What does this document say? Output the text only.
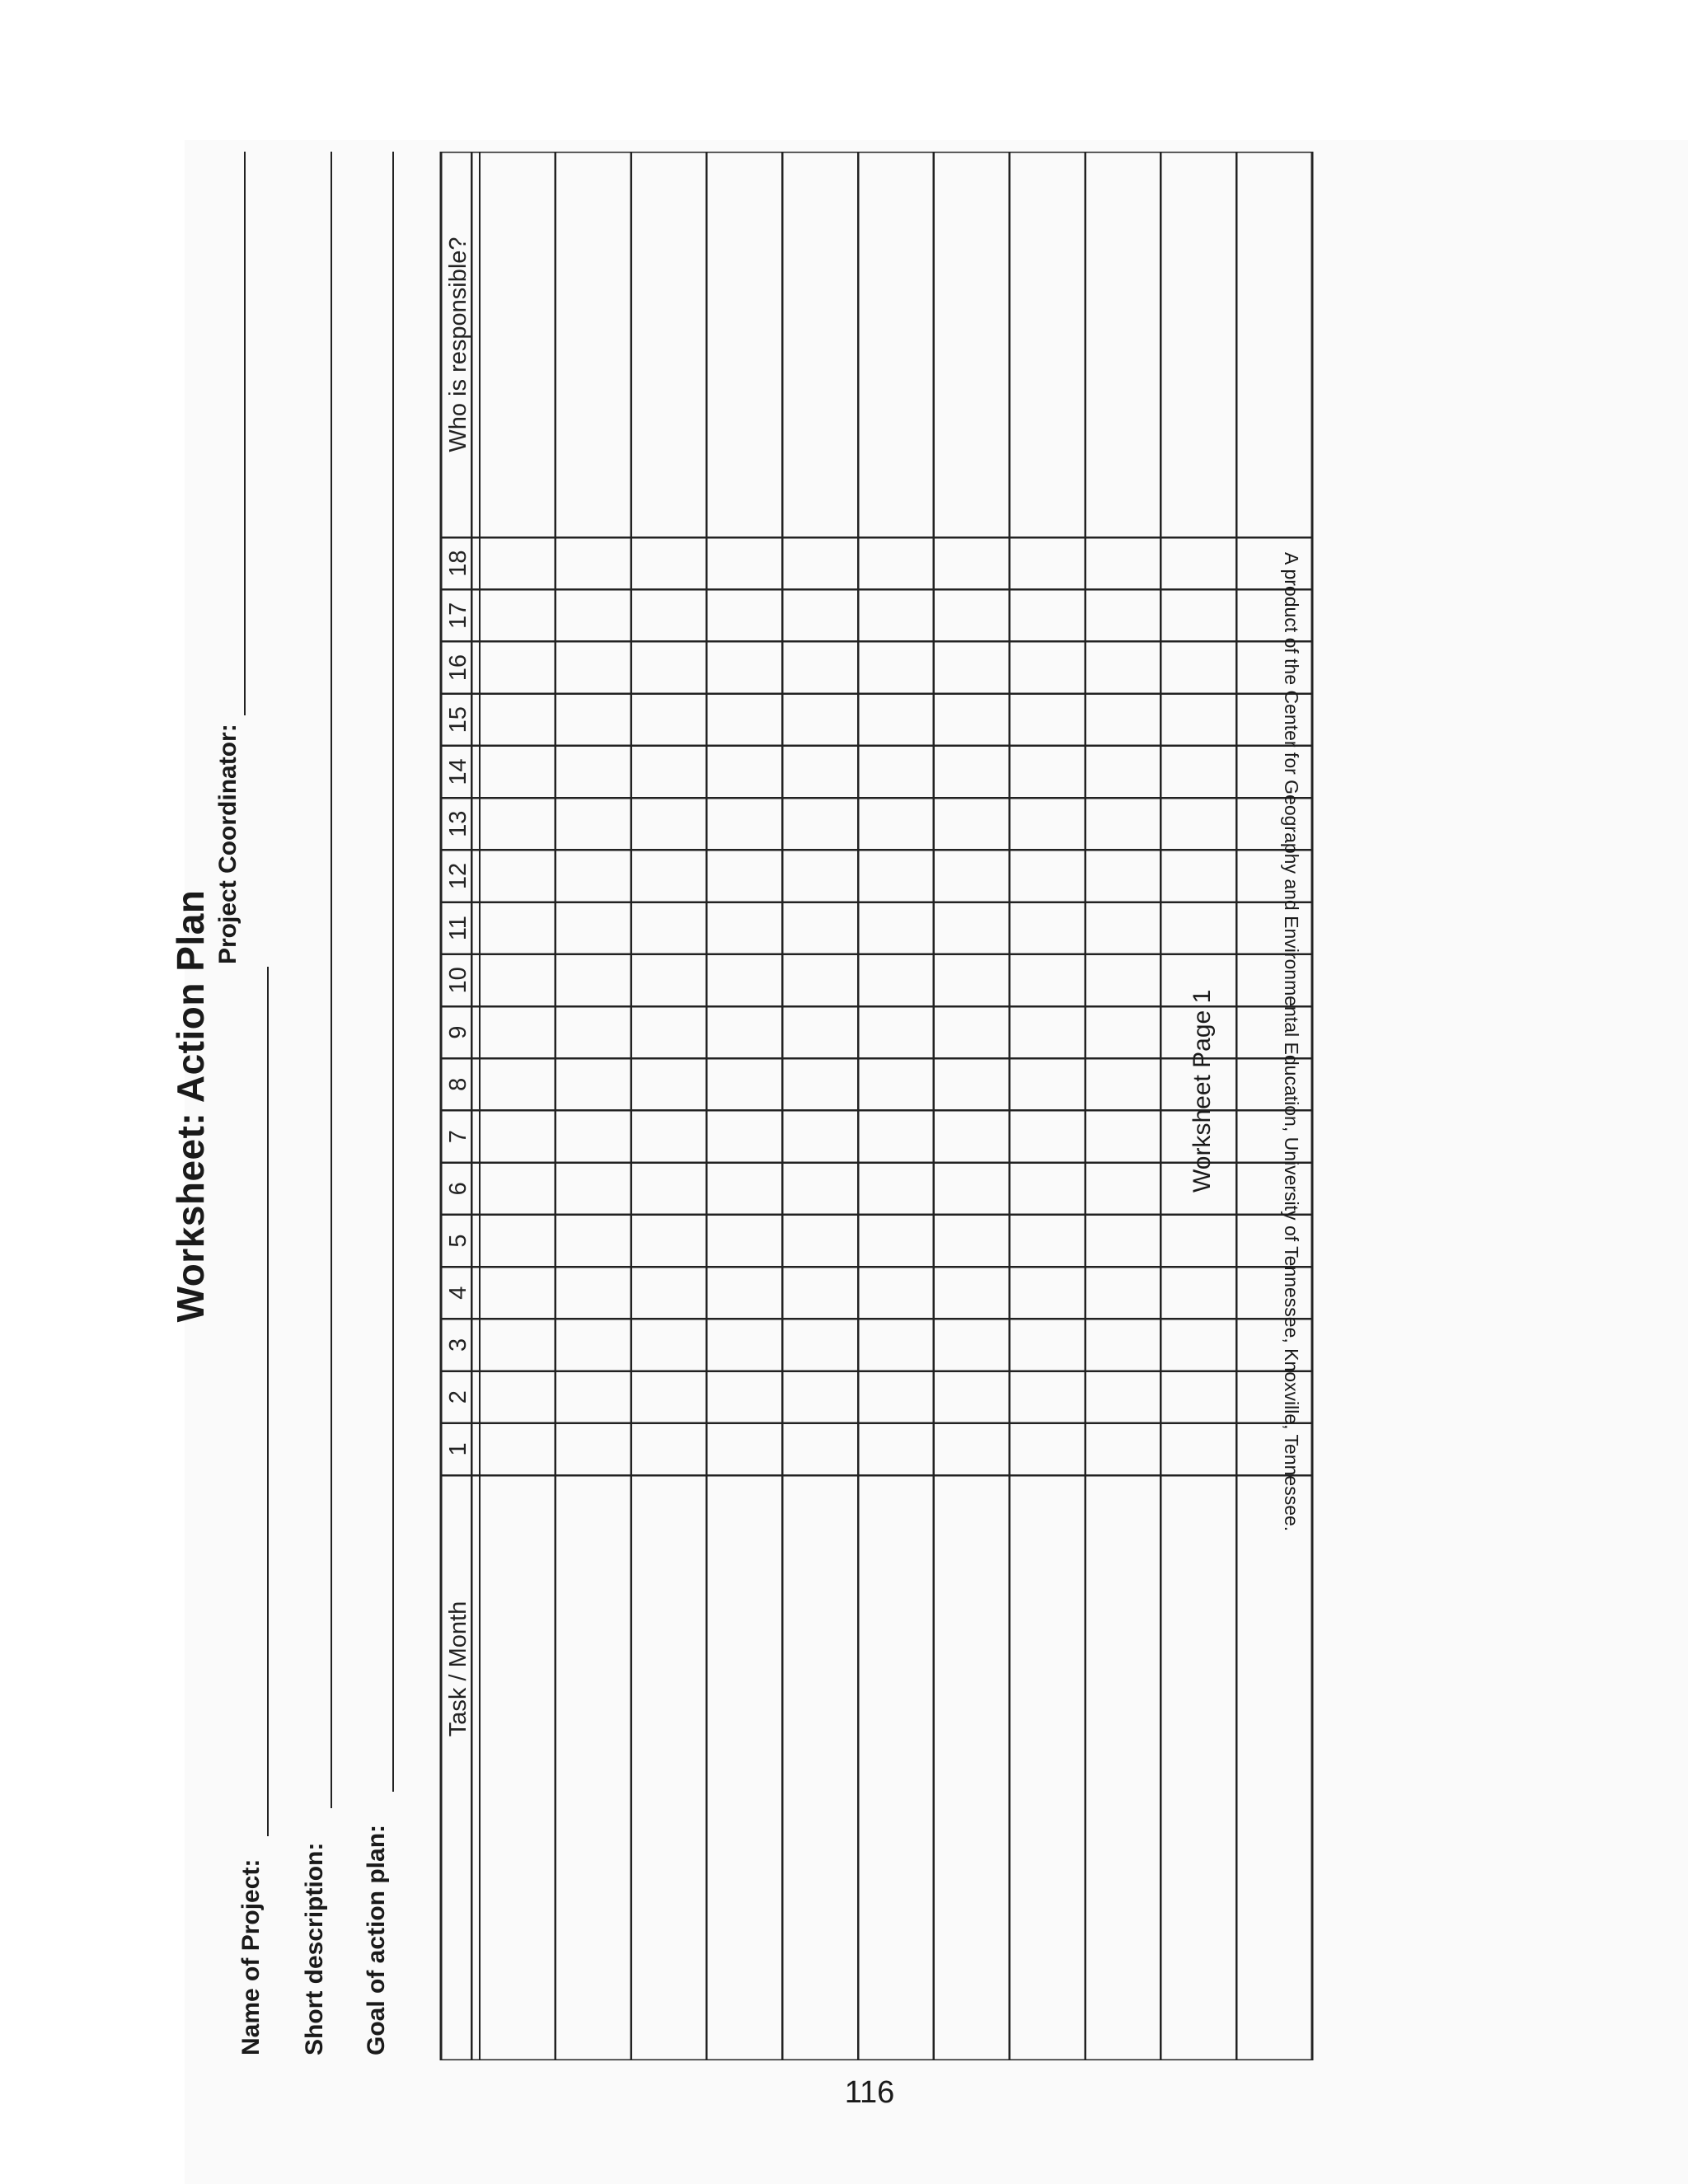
Worksheet: Action Plan
Name of Project:
Project Coordinator:
Short description: Goal of action plan:
Task / Month
1
2
3
4
5
6
7
8
9
10
11
12
13
14
15
16
17
18
Who is responsible?
Worksheet Page 1	A product of the Center for Geography and Environmental Education, University of Tennessee, Knoxville, Tennessee.
116
